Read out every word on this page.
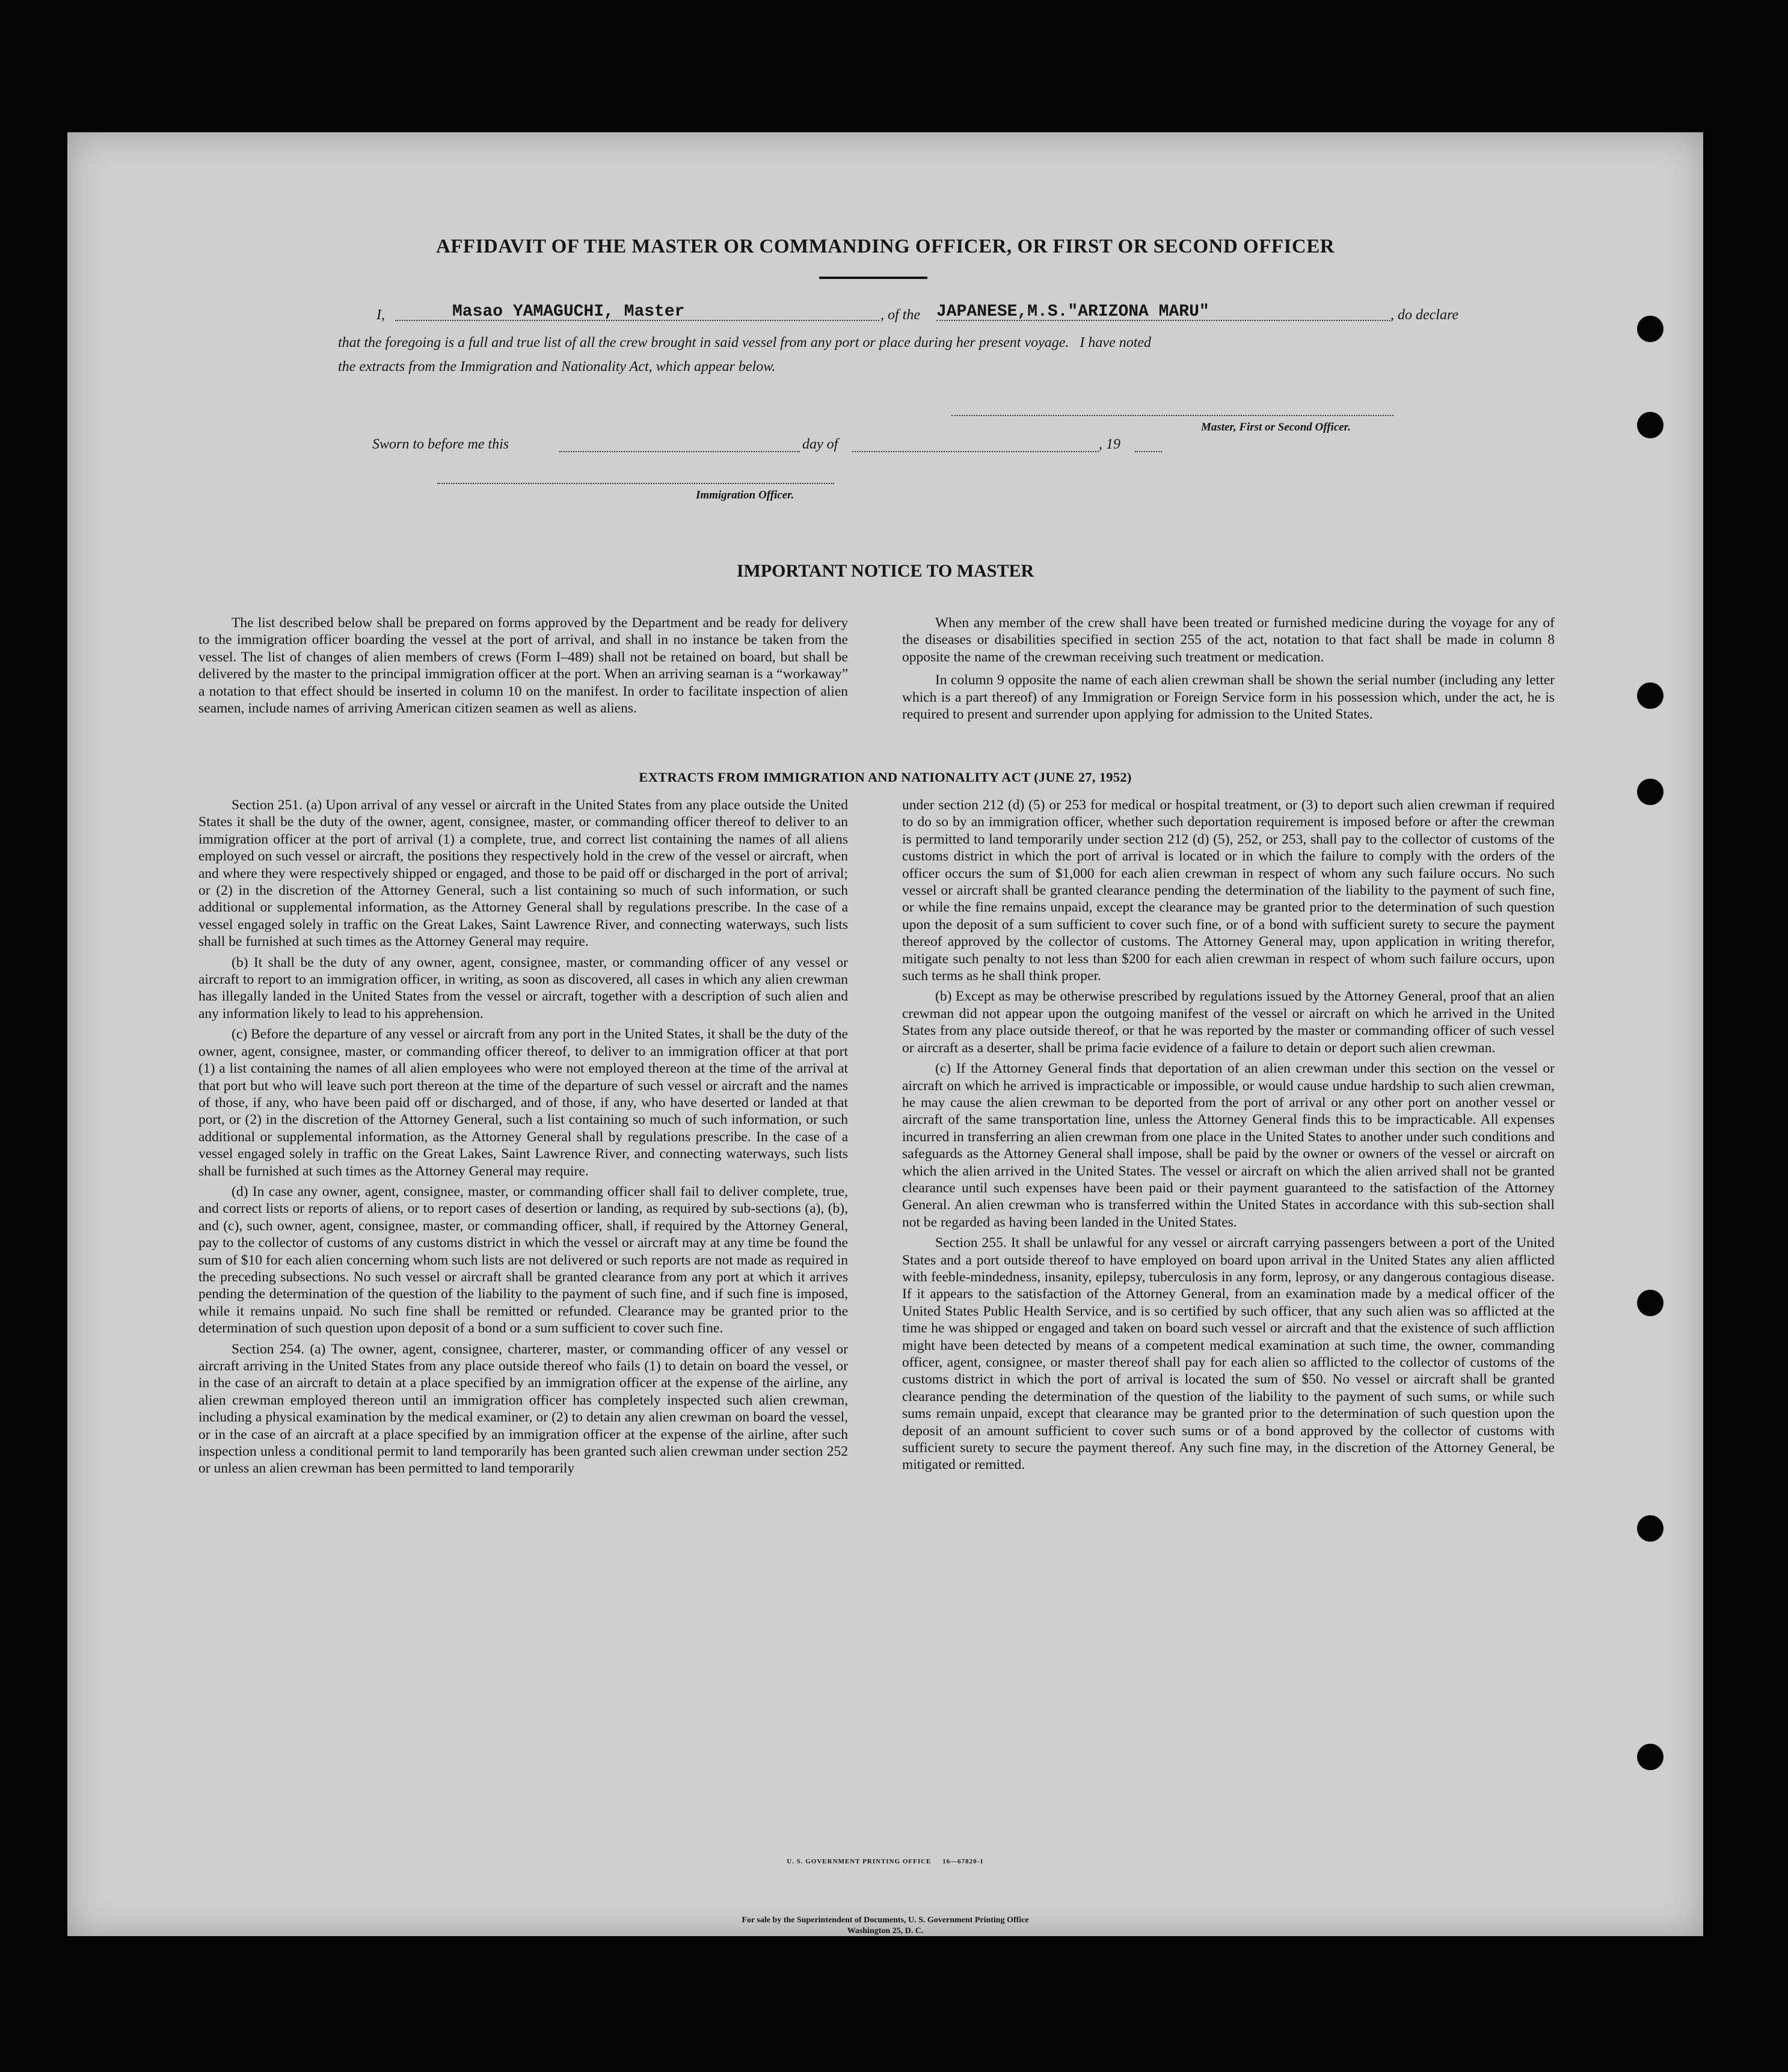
AFFIDAVIT OF THE MASTER OR COMMANDING OFFICER, OR FIRST OR SECOND OFFICER
I,	Masao YAMAGUCHI, Master	, of the JAPANESE,M.S."ARIZONA MARU"	, do declare
that the foregoing is a full and true list of all the crew brought in said vessel from any port or place during her present voyage.   I have noted
the extracts from the Immigration and Nationality Act, which appear below.
Master, First or Second Officer.
Sworn to before me this	day of	, 19
Immigration Officer.
IMPORTANT NOTICE TO MASTER

The list described below shall be prepared on forms approved by the Department and be ready for delivery to the immigration officer boarding the vessel at the port of arrival, and shall in no instance be taken from the vessel. The list of changes of alien members of crews (Form I–489) shall not be retained on board, but shall be delivered by the master to the principal immigration officer at the port. When an arriving seaman is a “workaway” a notation to that effect should be inserted in column 10 on the manifest. In order to facilitate inspection of alien seamen, include names of arriving American citizen seamen as well as aliens.

When any member of the crew shall have been treated or furnished medicine during the voyage for any of the diseases or disabilities specified in section 255 of the act, notation to that fact shall be made in column 8 opposite the name of the crewman receiving such treatment or medication.

In column 9 opposite the name of each alien crewman shall be shown the serial number (including any letter which is a part thereof) of any Immigration or Foreign Service form in his possession which, under the act, he is required to present and surrender upon applying for admission to the United States.

EXTRACTS FROM IMMIGRATION AND NATIONALITY ACT (JUNE 27, 1952)

Section 251. (a) Upon arrival of any vessel or aircraft in the United States from any place outside the United States it shall be the duty of the owner, agent, consignee, master, or commanding officer thereof to deliver to an immigration officer at the port of arrival (1) a complete, true, and correct list containing the names of all aliens employed on such vessel or aircraft, the positions they respectively hold in the crew of the vessel or aircraft, when and where they were respectively shipped or engaged, and those to be paid off or discharged in the port of arrival; or (2) in the discretion of the Attorney General, such a list containing so much of such information, or such additional or supplemental information, as the Attorney General shall by regulations prescribe. In the case of a vessel engaged solely in traffic on the Great Lakes, Saint Lawrence River, and connecting waterways, such lists shall be furnished at such times as the Attorney General may require.

(b) It shall be the duty of any owner, agent, consignee, master, or commanding officer of any vessel or aircraft to report to an immigration officer, in writing, as soon as discovered, all cases in which any alien crewman has illegally landed in the United States from the vessel or aircraft, together with a description of such alien and any information likely to lead to his apprehension.

(c) Before the departure of any vessel or aircraft from any port in the United States, it shall be the duty of the owner, agent, consignee, master, or commanding officer thereof, to deliver to an immigration officer at that port (1) a list containing the names of all alien employees who were not employed thereon at the time of the arrival at that port but who will leave such port thereon at the time of the departure of such vessel or aircraft and the names of those, if any, who have been paid off or discharged, and of those, if any, who have deserted or landed at that port, or (2) in the discretion of the Attorney General, such a list containing so much of such information, or such additional or supplemental information, as the Attorney General shall by regulations prescribe. In the case of a vessel engaged solely in traffic on the Great Lakes, Saint Lawrence River, and connecting waterways, such lists shall be furnished at such times as the Attorney General may require.

(d) In case any owner, agent, consignee, master, or commanding officer shall fail to deliver complete, true, and correct lists or reports of aliens, or to report cases of desertion or landing, as required by sub-sections (a), (b), and (c), such owner, agent, consignee, master, or commanding officer, shall, if required by the Attorney General, pay to the collector of customs of any customs district in which the vessel or aircraft may at any time be found the sum of $10 for each alien concerning whom such lists are not delivered or such reports are not made as required in the preceding subsections. No such vessel or aircraft shall be granted clearance from any port at which it arrives pending the determination of the question of the liability to the payment of such fine, and if such fine is imposed, while it remains unpaid. No such fine shall be remitted or refunded. Clearance may be granted prior to the determination of such question upon deposit of a bond or a sum sufficient to cover such fine.

Section 254. (a) The owner, agent, consignee, charterer, master, or commanding officer of any vessel or aircraft arriving in the United States from any place outside thereof who fails (1) to detain on board the vessel, or in the case of an aircraft to detain at a place specified by an immigration officer at the expense of the airline, any alien crewman employed thereon until an immigration officer has completely inspected such alien crewman, including a physical examination by the medical examiner, or (2) to detain any alien crewman on board the vessel, or in the case of an aircraft at a place specified by an immigration officer at the expense of the airline, after such inspection unless a conditional permit to land temporarily has been granted such alien crewman under section 252 or unless an alien crewman has been permitted to land temporarily

under section 212 (d) (5) or 253 for medical or hospital treatment, or (3) to deport such alien crewman if required to do so by an immigration officer, whether such deportation requirement is imposed before or after the crewman is permitted to land temporarily under section 212 (d) (5), 252, or 253, shall pay to the collector of customs of the customs district in which the port of arrival is located or in which the failure to comply with the orders of the officer occurs the sum of $1,000 for each alien crewman in respect of whom any such failure occurs. No such vessel or aircraft shall be granted clearance pending the determination of the liability to the payment of such fine, or while the fine remains unpaid, except the clearance may be granted prior to the determination of such question upon the deposit of a sum sufficient to cover such fine, or of a bond with sufficient surety to secure the payment thereof approved by the collector of customs. The Attorney General may, upon application in writing therefor, mitigate such penalty to not less than $200 for each alien crewman in respect of whom such failure occurs, upon such terms as he shall think proper.

(b) Except as may be otherwise prescribed by regulations issued by the Attorney General, proof that an alien crewman did not appear upon the outgoing manifest of the vessel or aircraft on which he arrived in the United States from any place outside thereof, or that he was reported by the master or commanding officer of such vessel or aircraft as a deserter, shall be prima facie evidence of a failure to detain or deport such alien crewman.

(c) If the Attorney General finds that deportation of an alien crewman under this section on the vessel or aircraft on which he arrived is impracticable or impossible, or would cause undue hardship to such alien crewman, he may cause the alien crewman to be deported from the port of arrival or any other port on another vessel or aircraft of the same transportation line, unless the Attorney General finds this to be impracticable. All expenses incurred in transferring an alien crewman from one place in the United States to another under such conditions and safeguards as the Attorney General shall impose, shall be paid by the owner or owners of the vessel or aircraft on which the alien arrived in the United States. The vessel or aircraft on which the alien arrived shall not be granted clearance until such expenses have been paid or their payment guaranteed to the satisfaction of the Attorney General. An alien crewman who is transferred within the United States in accordance with this sub-section shall not be regarded as having been landed in the United States.

Section 255. It shall be unlawful for any vessel or aircraft carrying passengers between a port of the United States and a port outside thereof to have employed on board upon arrival in the United States any alien afflicted with feeble-mindedness, insanity, epilepsy, tuberculosis in any form, leprosy, or any dangerous contagious disease. If it appears to the satisfaction of the Attorney General, from an examination made by a medical officer of the United States Public Health Service, and is so certified by such officer, that any such alien was so afflicted at the time he was shipped or engaged and taken on board such vessel or aircraft and that the existence of such affliction might have been detected by means of a competent medical examination at such time, the owner, commanding officer, agent, consignee, or master thereof shall pay for each alien so afflicted to the collector of customs of the customs district in which the port of arrival is located the sum of $50. No vessel or aircraft shall be granted clearance pending the determination of the question of the liability to the payment of such sums, or while such sums remain unpaid, except that clearance may be granted prior to the determination of such question upon the deposit of an amount sufficient to cover such sums or of a bond approved by the collector of customs with sufficient surety to secure the payment thereof. Any such fine may, in the discretion of the Attorney General, be mitigated or remitted.

U. S. GOVERNMENT PRINTING OFFICE     16—67820-1
For sale by the Superintendent of Documents, U. S. Government Printing Office
Washington 25, D. C.
